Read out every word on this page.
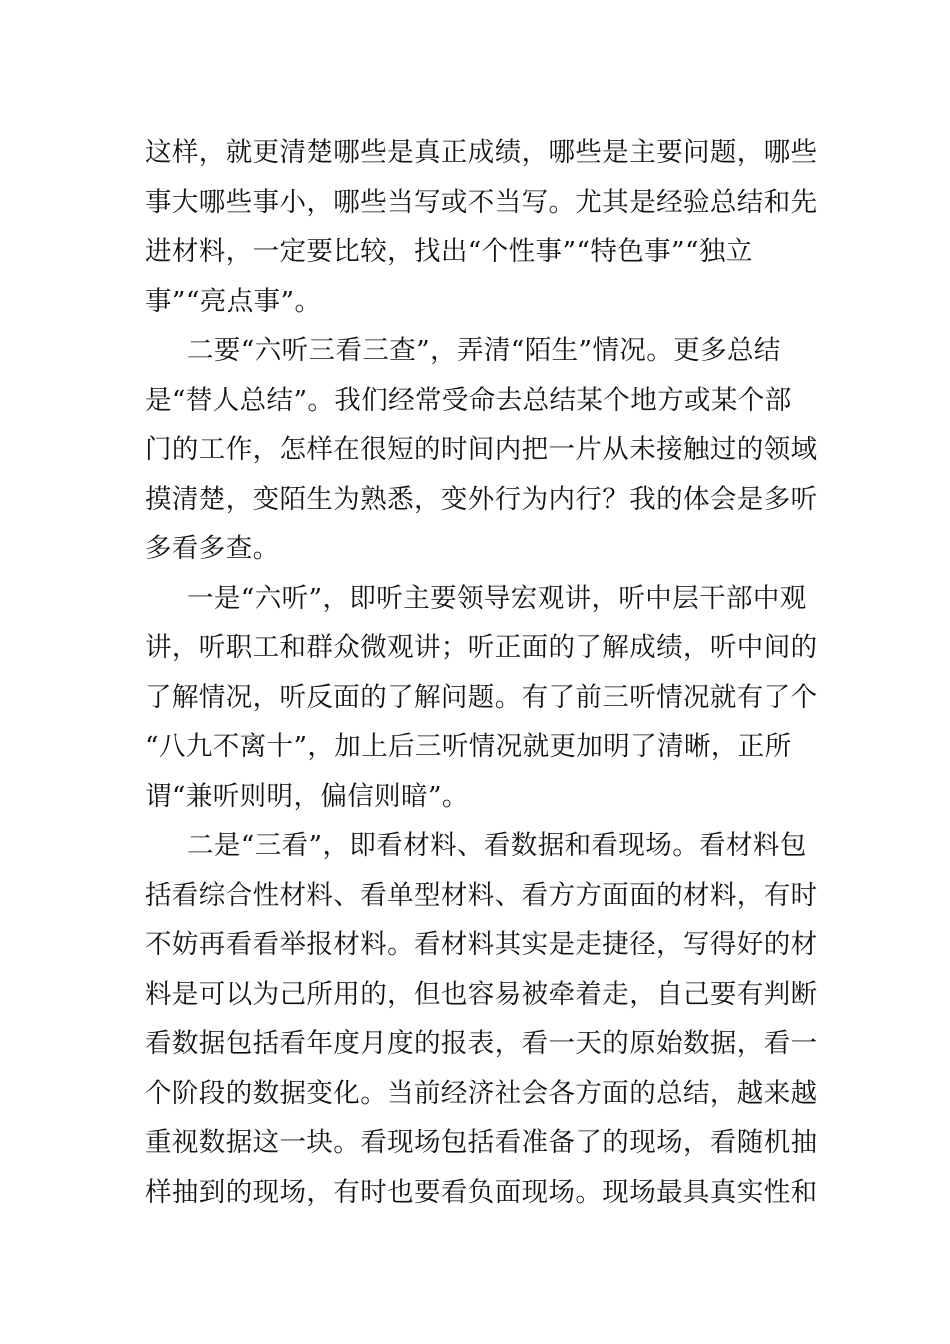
这样，就更清楚哪些是真正成绩，哪些是主要问题，哪些
事大哪些事小，哪些当写或不当写。尤其是经验总结和先
进材料，一定要比较，找出“个性事”“特色事”“独立
事”“亮点事”。
二要“六听三看三查”，弄清“陌生”情况。更多总结
是“替人总结”。我们经常受命去总结某个地方或某个部
门的工作，怎样在很短的时间内把一片从未接触过的领域
摸清楚，变陌生为熟悉，变外行为内行？我的体会是多听
多看多查。
一是“六听”，即听主要领导宏观讲，听中层干部中观
讲，听职工和群众微观讲；听正面的了解成绩，听中间的
了解情况，听反面的了解问题。有了前三听情况就有了个
“八九不离十”，加上后三听情况就更加明了清晰，正所
谓“兼听则明，偏信则暗”。
二是“三看”，即看材料、看数据和看现场。看材料包
括看综合性材料、看单型材料、看方方面面的材料，有时
不妨再看看举报材料。看材料其实是走捷径，写得好的材
料是可以为己所用的，但也容易被牵着走，自己要有判断
看数据包括看年度月度的报表，看一天的原始数据，看一
个阶段的数据变化。当前经济社会各方面的总结，越来越
重视数据这一块。看现场包括看准备了的现场，看随机抽
样抽到的现场，有时也要看负面现场。现场最具真实性和
